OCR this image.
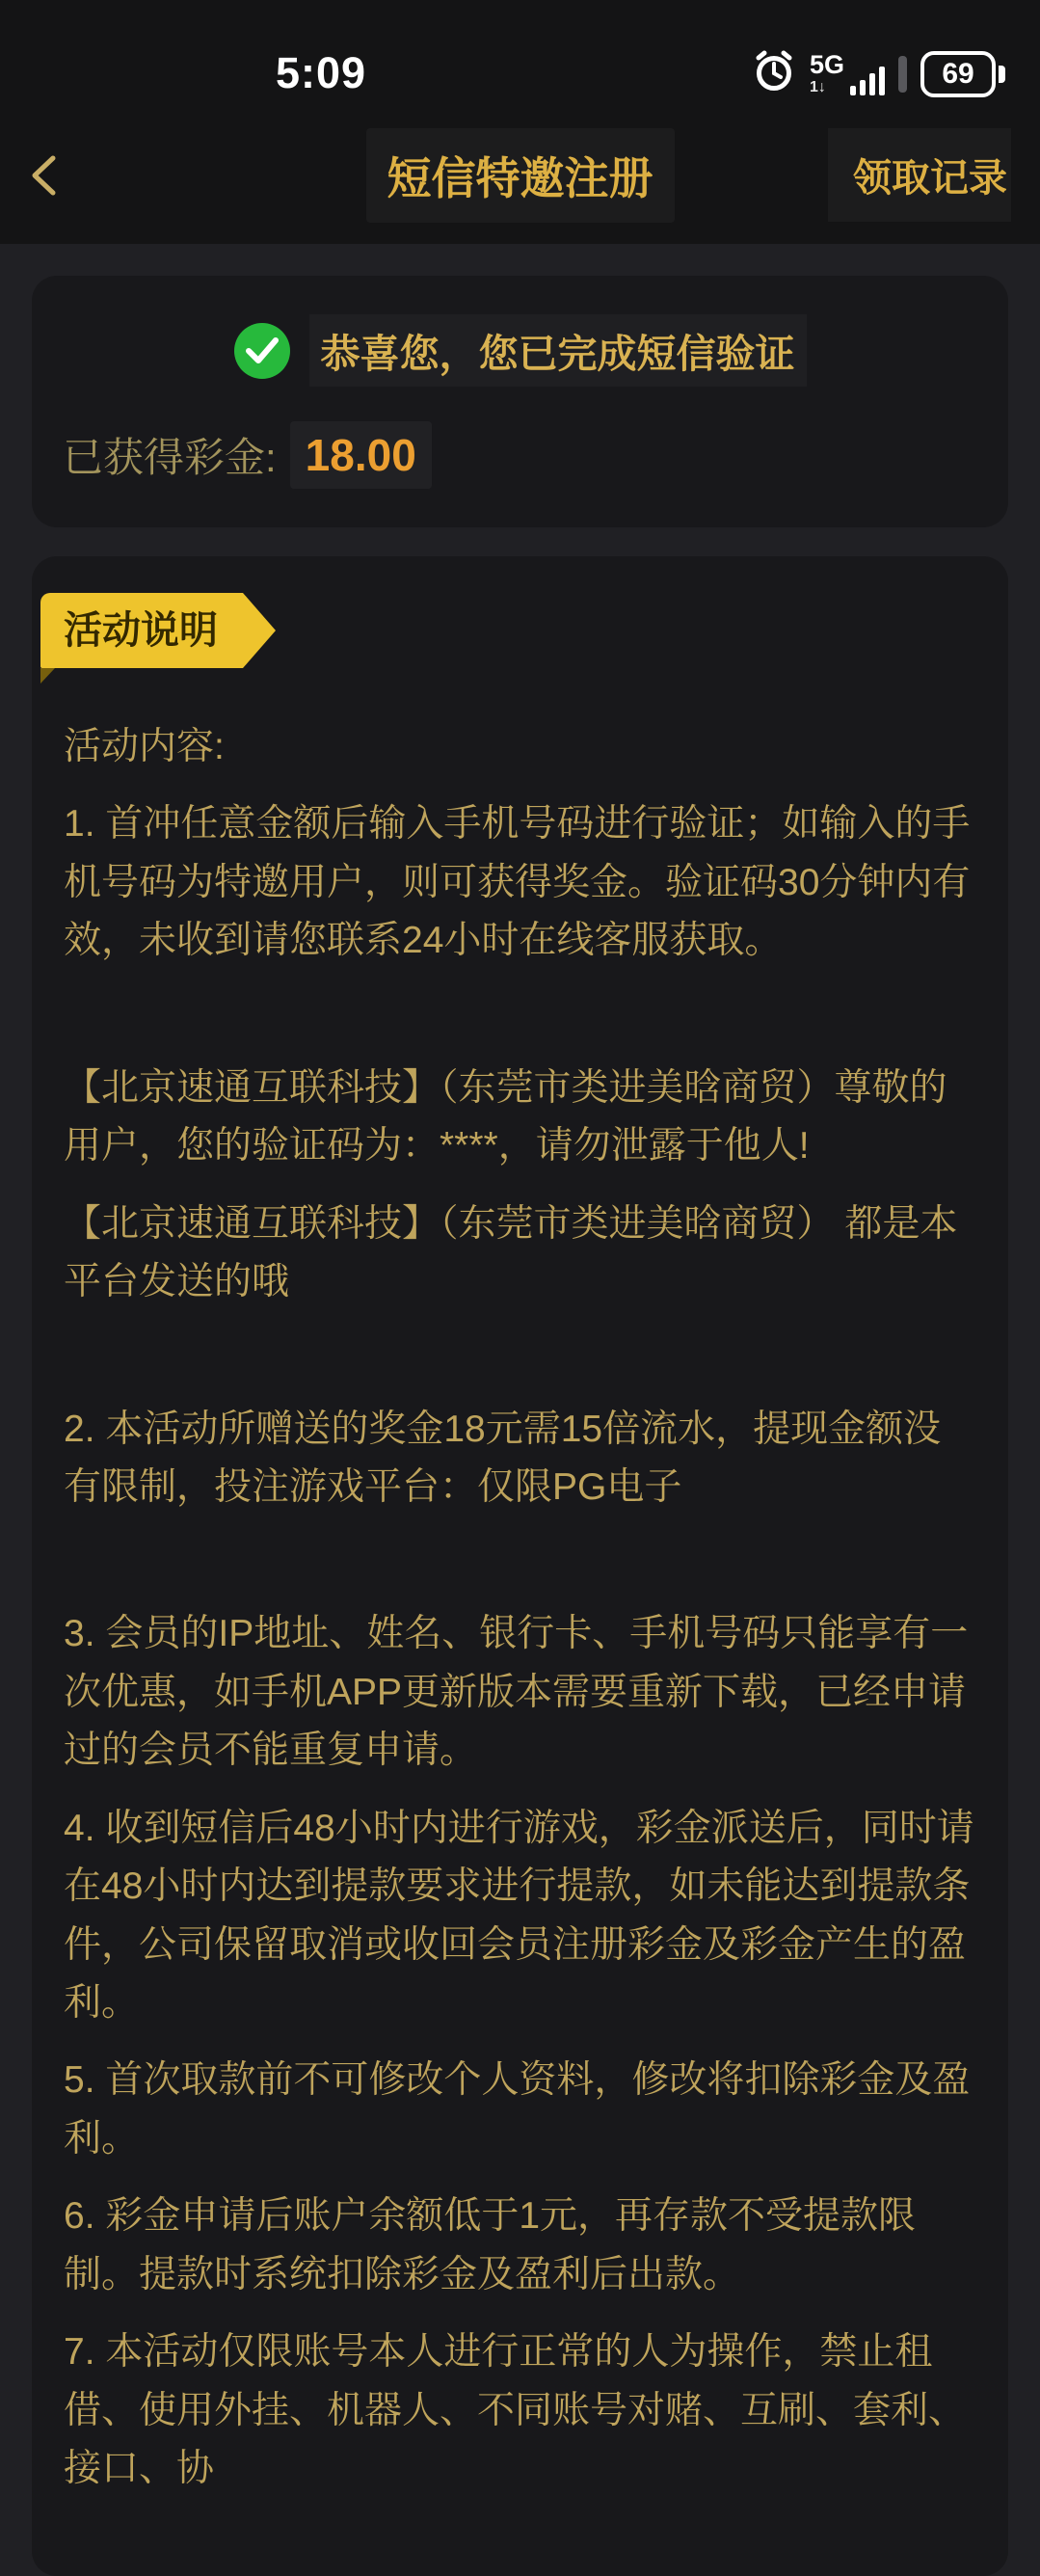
5:09	5G
1↓	69
短信特邀注册	领取记录
恭喜您，您已完成短信验证
已获得彩金: 18.00
活动说明
活动内容:
1. 首冲任意金额后输入手机号码进行验证；如输入的手机号码为特邀用户，则可获得奖金。验证码30分钟内有效，未收到请您联系24小时在线客服获取。
【北京速通互联科技】（东莞市类进美晗商贸）尊敬的用户，您的验证码为：****，请勿泄露于他人!
【北京速通互联科技】（东莞市类进美晗商贸） 都是本平台发送的哦
2. 本活动所赠送的奖金18元需15倍流水，提现金额没有限制，投注游戏平台：仅限PG电子
3. 会员的IP地址、姓名、银行卡、手机号码只能享有一次优惠，如手机APP更新版本需要重新下载，已经申请过的会员不能重复申请。
4. 收到短信后48小时内进行游戏，彩金派送后，同时请在48小时内达到提款要求进行提款，如未能达到提款条件，公司保留取消或收回会员注册彩金及彩金产生的盈利。
5. 首次取款前不可修改个人资料，修改将扣除彩金及盈利。
6. 彩金申请后账户余额低于1元，再存款不受提款限制。提款时系统扣除彩金及盈利后出款。
7. 本活动仅限账号本人进行正常的人为操作，禁止租借、使用外挂、机器人、不同账号对赌、互刷、套利、接口、协
